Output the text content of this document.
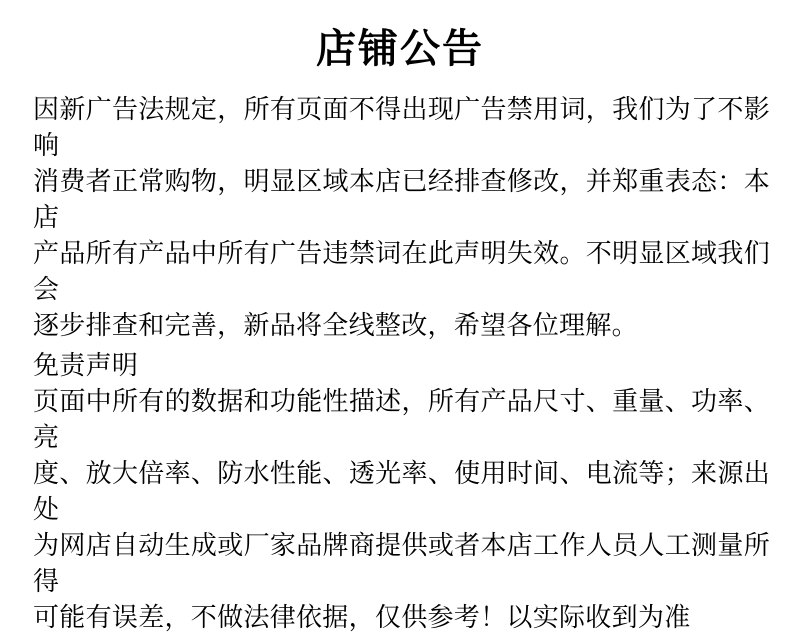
店铺公告
因新广告法规定，所有页面不得出现广告禁用词，我们为了不影响
消费者正常购物，明显区域本店已经排查修改，并郑重表态：本店
产品所有产品中所有广告违禁词在此声明失效。不明显区域我们会
逐步排查和完善，新品将全线整改，希望各位理解。
免责声明
页面中所有的数据和功能性描述，所有产品尺寸、重量、功率、亮
度、放大倍率、防水性能、透光率、使用时间、电流等；来源出处
为网店自动生成或厂家品牌商提供或者本店工作人员人工测量所得
可能有误差，不做法律依据，仅供参考！以实际收到为准
